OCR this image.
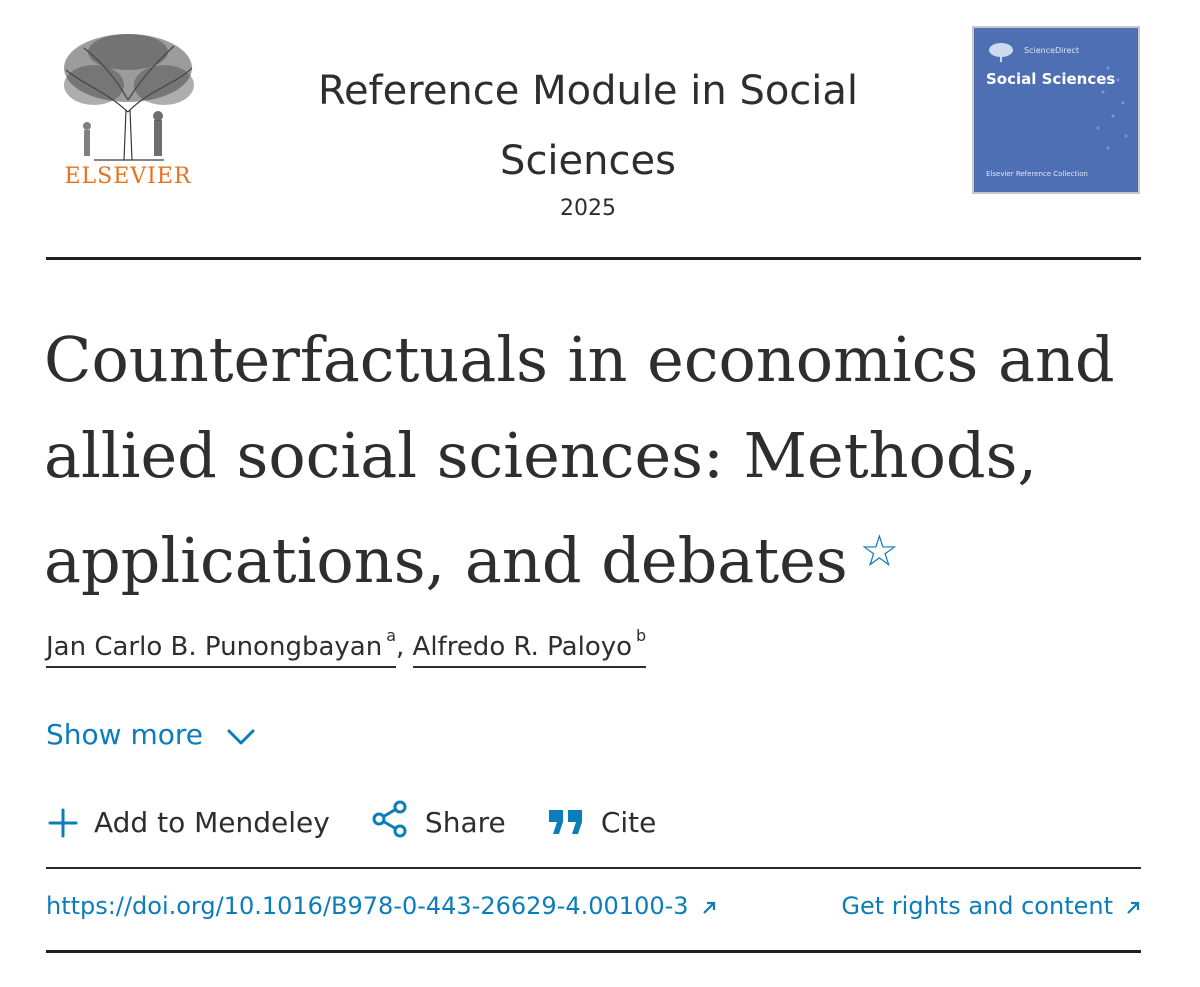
ELSEVIER
Reference Module in Social Sciences
2025
ScienceDirect
Social Sciences
Elsevier Reference Collection
Counterfactuals in economics and allied social sciences: Methods, applications, and debates ☆
Jan Carlo B. Punongbayan $^a$, Alfredo R. Paloyo $^b$
Show more
Add to Mendeley	Share	Cite
https://doi.org/10.1016/B978-0-443-26629-4.00100-3	Get rights and content
